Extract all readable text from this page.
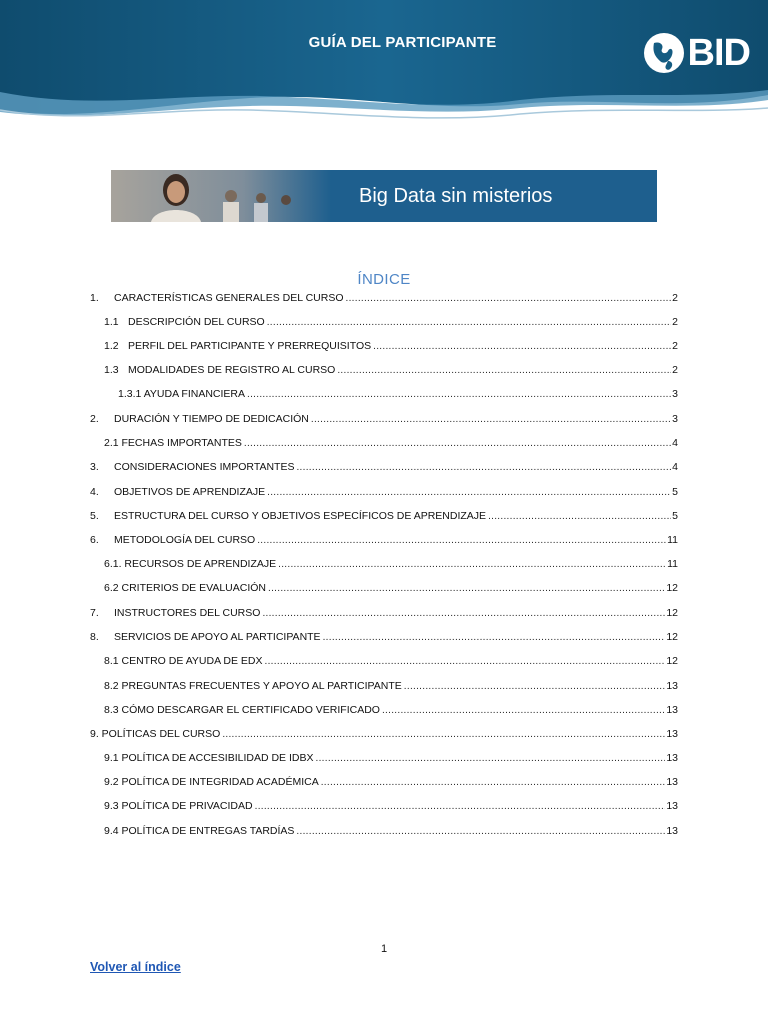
GUÍA DEL PARTICIPANTE	BID
Big Data sin misterios
ÍNDICE
1.	CARACTERÍSTICAS GENERALES DEL CURSO .....	2
1.1 DESCRIPCIÓN DEL CURSO .....	2
1.2 PERFIL DEL PARTICIPANTE Y PRERREQUISITOS .....	2
1.3 MODALIDADES DE REGISTRO AL CURSO .....	2
1.3.1 AYUDA FINANCIERA .....	3
2.	DURACIÓN Y TIEMPO DE DEDICACIÓN .....	3
2.1 FECHAS IMPORTANTES .....	4
3.	CONSIDERACIONES IMPORTANTES .....	4
4.	OBJETIVOS DE APRENDIZAJE .....	5
5.	ESTRUCTURA DEL CURSO Y OBJETIVOS ESPECÍFICOS DE APRENDIZAJE .....	5
6.	METODOLOGÍA DEL CURSO .....	11
6.1. RECURSOS DE APRENDIZAJE .....	11
6.2 CRITERIOS DE EVALUACIÓN .....	12
7.	INSTRUCTORES DEL CURSO .....	12
8.	SERVICIOS DE APOYO AL PARTICIPANTE .....	12
8.1 CENTRO DE AYUDA DE EDX .....	12
8.2 PREGUNTAS FRECUENTES Y APOYO AL PARTICIPANTE .....	13
8.3 CÓMO DESCARGAR EL CERTIFICADO VERIFICADO .....	13
9. POLÍTICAS DEL CURSO .....	13
9.1 POLÍTICA DE ACCESIBILIDAD DE IDBX .....	13
9.2 POLÍTICA DE INTEGRIDAD ACADÉMICA .....	13
9.3 POLÍTICA DE PRIVACIDAD .....	13
9.4 POLÍTICA DE ENTREGAS TARDÍAS .....	13
1
Volver al índice
